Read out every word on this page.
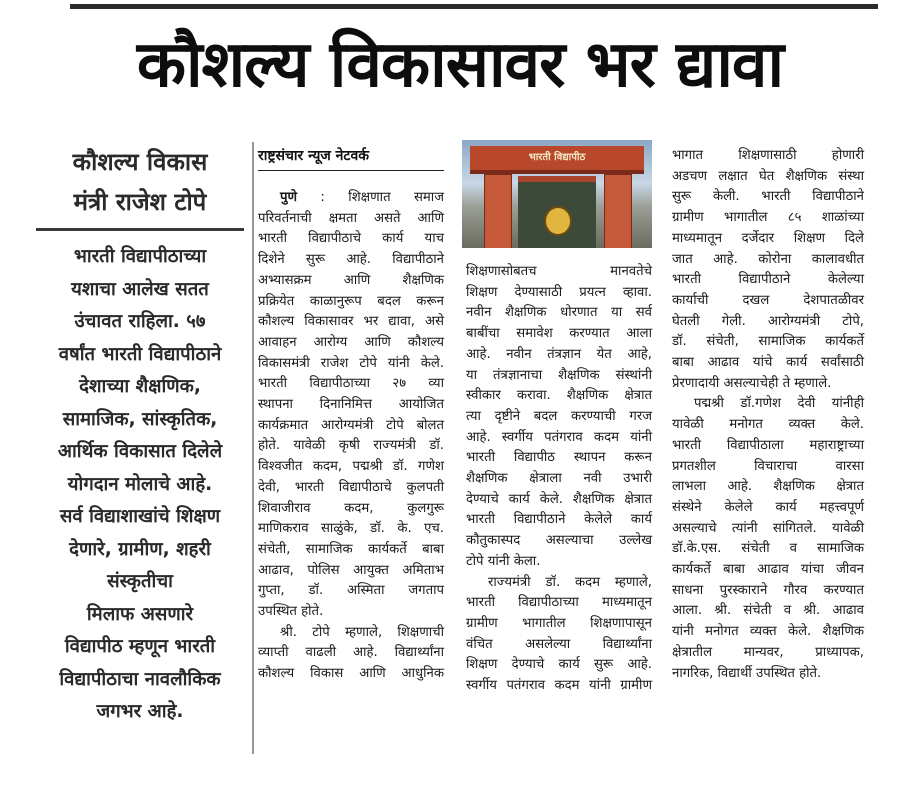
कौशल्य विकासावर भर द्यावा
कौशल्य विकास
मंत्री राजेश टोपे
भारती विद्यापीठाच्या
यशाचा आलेख सतत
उंचावत राहिला. ५७
वर्षांत भारती विद्यापीठाने
देशाच्या शैक्षणिक,
सामाजिक, सांस्कृतिक,
आर्थिक विकासात दिलेले
योगदान मोलाचे आहे.
सर्व विद्याशाखांचे शिक्षण
देणारे, ग्रामीण, शहरी
संस्कृतीचा
मिलाफ असणारे
विद्यापीठ म्हणून भारती
विद्यापीठाचा नावलौकिक
जगभर आहे.
राष्ट्रसंचार न्यूज नेटवर्क

पुणे : शिक्षणात समाज

परिवर्तनाची क्षमता असते आणि

भारती विद्यापीठाचे कार्य याच

दिशेने सुरू आहे. विद्यापीठाने

अभ्यासक्रम आणि शैक्षणिक

प्रक्रियेत काळानुरूप बदल करून

कौशल्य विकासावर भर द्यावा, असे

आवाहन आरोग्य आणि कौशल्य

विकासमंत्री राजेश टोपे यांनी केले.

भारती विद्यापीठाच्या २७ व्या

स्थापना दिनानिमित्त आयोजित

कार्यक्रमात आरोग्यमंत्री टोपे बोलत

होते. यावेळी कृषी राज्यमंत्री डॉ.

विश्वजीत कदम, पद्मश्री डॉ. गणेश

देवी, भारती विद्यापीठाचे कुलपती

शिवाजीराव कदम, कुलगुरू

माणिकराव साळुंके, डॉ. के. एच.

संचेती, सामाजिक कार्यकर्ते बाबा

आढाव, पोलिस आयुक्त अमिताभ

गुप्ता, डॉ. अस्मिता जगताप

उपस्थित होते.

श्री. टोपे म्हणाले, शिक्षणाची

व्याप्ती वाढली आहे. विद्यार्थ्यांना

कौशल्य विकास आणि आधुनिक

भारती विद्यापीठ

शिक्षणासोबतच मानवतेचे

शिक्षण देण्यासाठी प्रयत्न व्हावा.

नवीन शैक्षणिक धोरणात या सर्व

बाबींचा समावेश करण्यात आला

आहे. नवीन तंत्रज्ञान येत आहे,

या तंत्रज्ञानाचा शैक्षणिक संस्थांनी

स्वीकार करावा. शैक्षणिक क्षेत्रात

त्या दृष्टीने बदल करण्याची गरज

आहे. स्वर्गीय पतंगराव कदम यांनी

भारती विद्यापीठ स्थापन करून

शैक्षणिक क्षेत्राला नवी उभारी

देण्याचे कार्य केले. शैक्षणिक क्षेत्रात

भारती विद्यापीठाने केलेले कार्य

कौतुकास्पद असल्याचा उल्लेख

टोपे यांनी केला.

राज्यमंत्री डॉ. कदम म्हणाले,

भारती विद्यापीठाच्या माध्यमातून

ग्रामीण भागातील शिक्षणापासून

वंचित असलेल्या विद्यार्थ्यांना

शिक्षण देण्याचे कार्य सुरू आहे.

स्वर्गीय पतंगराव कदम यांनी ग्रामीण

भागात शिक्षणासाठी होणारी

अडचण लक्षात घेत शैक्षणिक संस्था

सुरू केली. भारती विद्यापीठाने

ग्रामीण भागातील ८५ शाळांच्या

माध्यमातून दर्जेदार शिक्षण दिले

जात आहे. कोरोना कालावधीत

भारती विद्यापीठाने केलेल्या

कार्याची दखल देशपातळीवर

घेतली गेली. आरोग्यमंत्री टोपे,

डॉ. संचेती, सामाजिक कार्यकर्ते

बाबा आढाव यांचे कार्य सर्वांसाठी

प्रेरणादायी असल्याचेही ते म्हणाले.

पद्मश्री डॉ.गणेश देवी यांनीही

यावेळी मनोगत व्यक्त केले.

भारती विद्यापीठाला महाराष्ट्राच्या

प्रगतशील विचाराचा वारसा

लाभला आहे. शैक्षणिक क्षेत्रात

संस्थेने केलेले कार्य महत्त्वपूर्ण

असल्याचे त्यांनी सांगितले. यावेळी

डॉ.के.एस. संचेती व सामाजिक

कार्यकर्ते बाबा आढाव यांचा जीवन

साधना पुरस्काराने गौरव करण्यात

आला. श्री. संचेती व श्री. आढाव

यांनी मनोगत व्यक्त केले. शैक्षणिक

क्षेत्रातील मान्यवर, प्राध्यापक,

नागरिक, विद्यार्थी उपस्थित होते.
